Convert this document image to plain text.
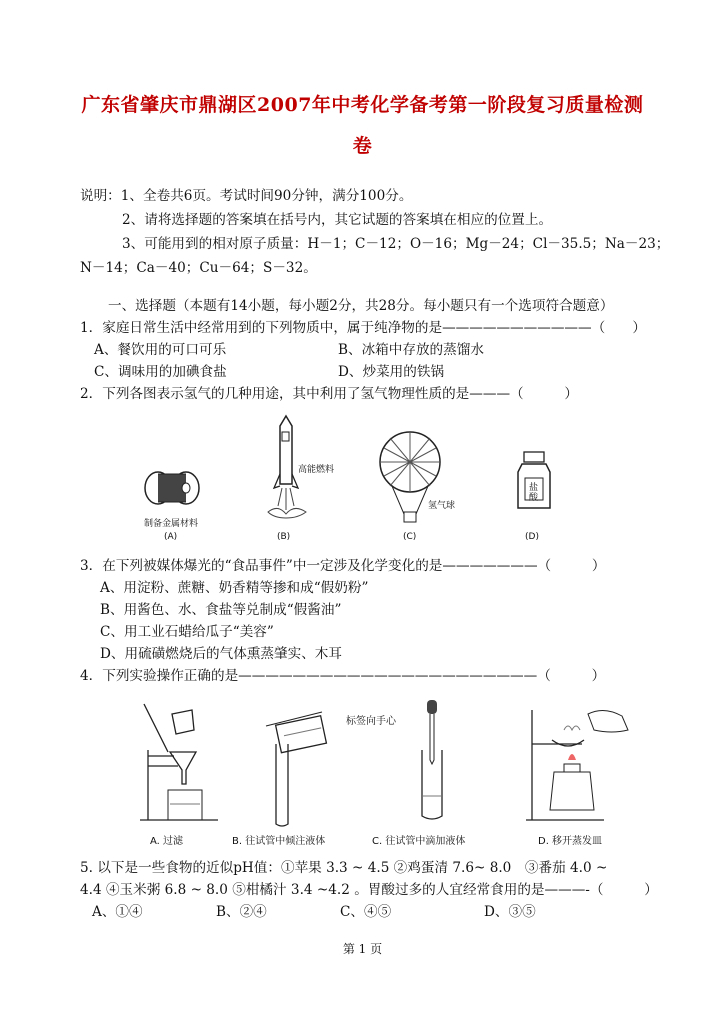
广东省肇庆市鼎湖区2007年中考化学备考第一阶段复习质量检测
卷
说明：1、全卷共6页。考试时间90分钟，满分100分。
2、请将选择题的答案填在括号内，其它试题的答案填在相应的位置上。
3、可能用到的相对原子质量：H－1；C－12；O－16；Mg－24；Cl－35.5；Na－23；
N－14；Ca－40；Cu－64；S－32。
一、选择题（本题有14小题，每小题2分，共28分。每小题只有一个选项符合题意）
1．家庭日常生活中经常用到的下列物质中，属于纯净物的是———————————（　　）
A、餐饮用的可口可乐	B、冰箱中存放的蒸馏水
C、调味用的加碘食盐	D、炒菜用的铁锅
2．下列各图表示氢气的几种用途，其中利用了氢气物理性质的是———（　　　）
制备金属材料
(A)
高能燃料
(B)
氢气球
(C)
盐
酸
(D)
3．在下列被媒体爆光的“食品事件”中一定涉及化学变化的是———————（　　　）
A、用淀粉、蔗糖、奶香精等掺和成“假奶粉”
B、用酱色、水、食盐等兑制成“假酱油”
C、用工业石蜡给瓜子“美容”
D、用硫磺燃烧后的气体熏蒸肇实、木耳
4．下列实验操作正确的是——————————————————————（　　　）
A. 过滤
标签向手心
B. 往试管中倾注液体	C. 往试管中滴加液体	D. 移开蒸发皿
5. 以下是一些食物的近似pH值：①苹果 3.3 ~ 4.5 ②鸡蛋清 7.6~ 8.0　③番茄 4.0 ~
4.4 ④玉米粥 6.8 ~ 8.0 ⑤柑橘汁 3.4 ~4.2 。胃酸过多的人宜经常食用的是———-（　　　）
A、①④	B、②④	C、④⑤	D、③⑤
第 1 页
